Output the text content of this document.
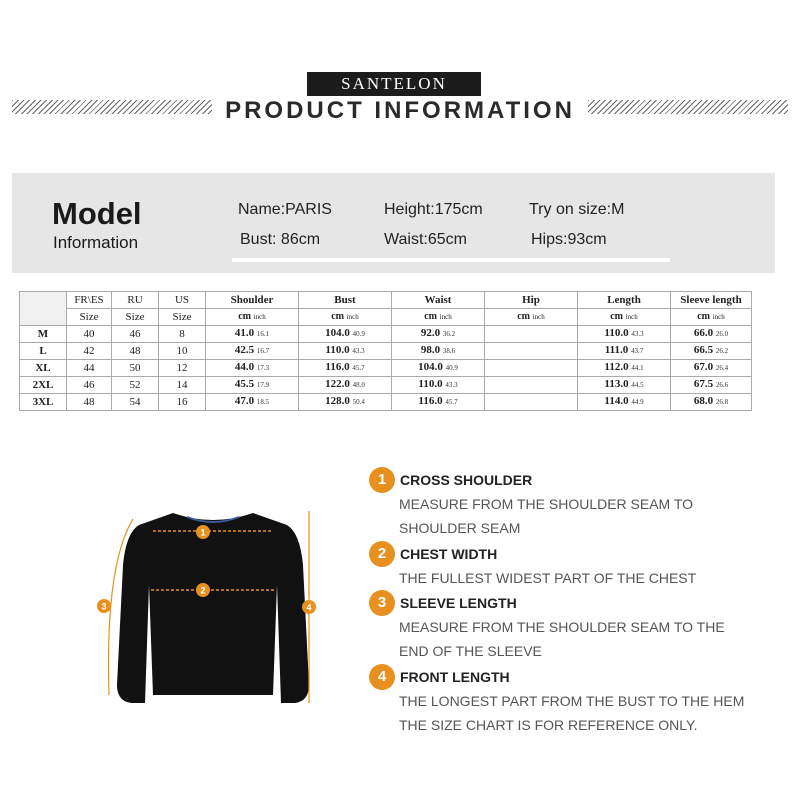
SANTELON
PRODUCT INFORMATION
Model
Information
Name:PARIS	Height:175cm	Try on size:M
Bust: 86cm	Waist:65cm	Hips:93cm
	FR\ES	RU	US	Shoulder	Bust	Waist	Hip	Length	Sleeve length
	Size	Size	Size	cm inch	cm inch	cm inch	cm inch	cm inch	cm inch
M	40	46	8	41.0 16.1	104.0 40.9	92.0 36.2		110.0 43.3	66.0 26.0
L	42	48	10	42.5 16.7	110.0 43.3	98.0 38.6		111.0 43.7	66.5 26.2
XL	44	50	12	44.0 17.3	116.0 45.7	104.0 40.9		112.0 44.1	67.0 26.4
2XL	46	52	14	45.5 17.9	122.0 48.0	110.0 43.3		113.0 44.5	67.5 26.6
3XL	48	54	16	47.0 18.5	128.0 50.4	116.0 45.7		114.0 44.9	68.0 26.8
1
2
3	4
1 CROSS SHOULDER
MEASURE FROM THE SHOULDER SEAM TO
SHOULDER SEAM
2 CHEST WIDTH
THE FULLEST WIDEST PART OF THE CHEST
3 SLEEVE LENGTH
MEASURE FROM THE SHOULDER SEAM TO THE
END OF THE SLEEVE
4 FRONT LENGTH
THE LONGEST PART FROM THE BUST TO THE HEM
THE SIZE CHART IS FOR REFERENCE ONLY.
